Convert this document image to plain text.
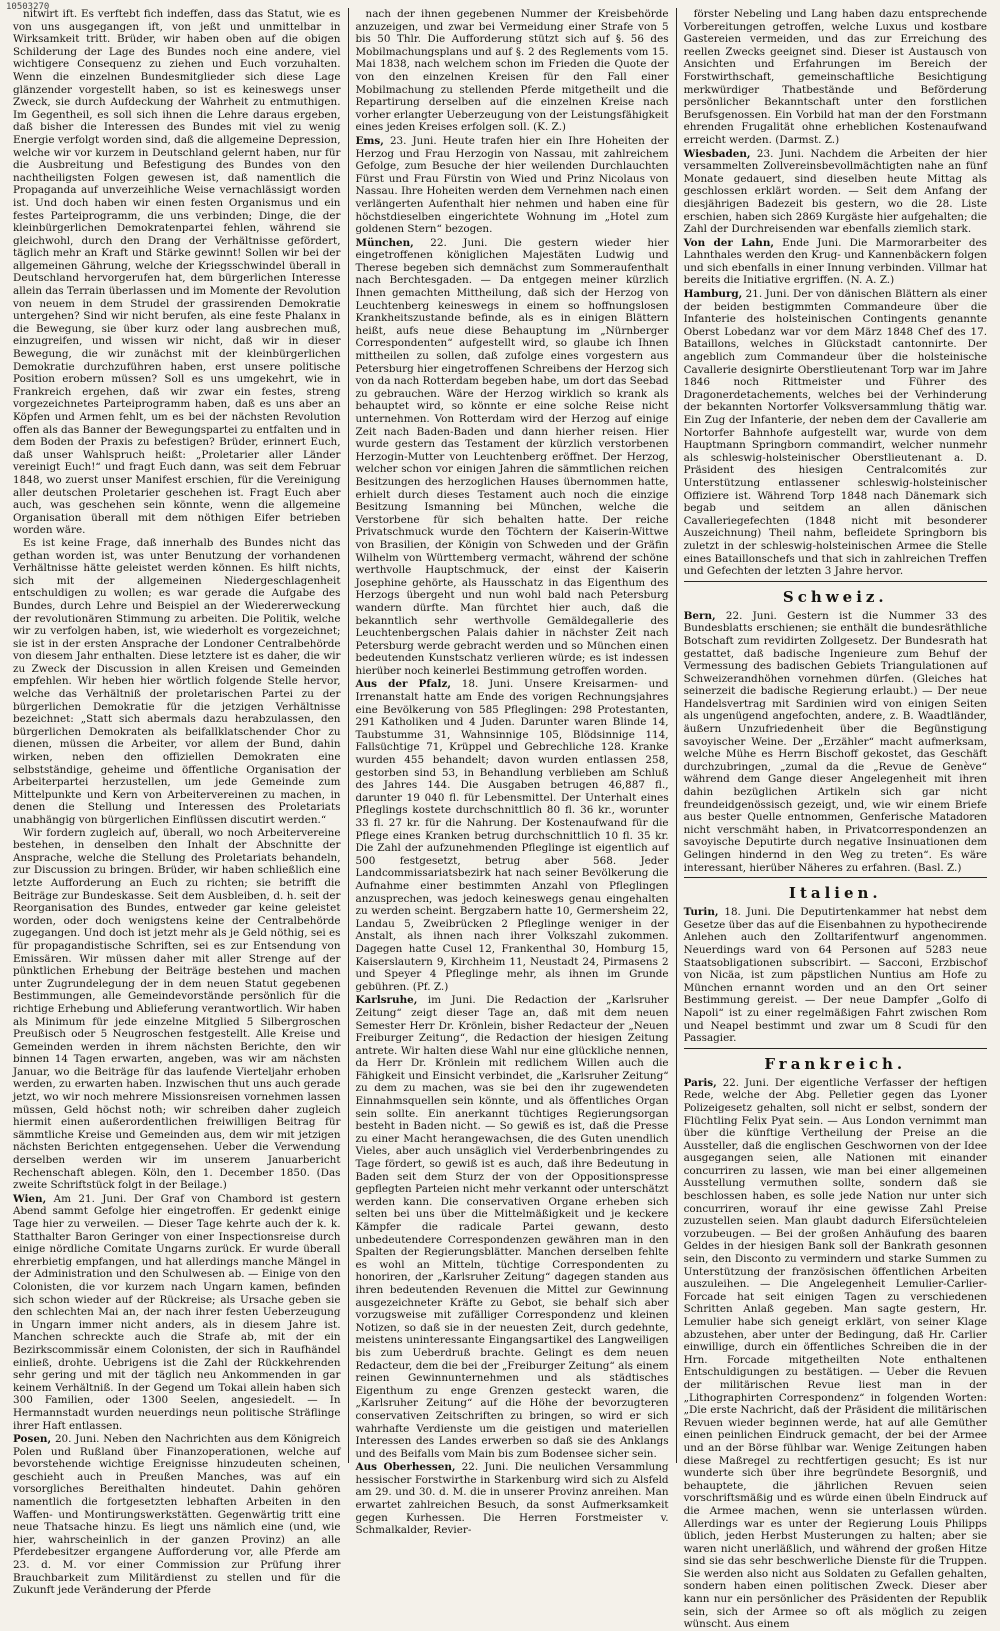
10503270

nitwirt ift. Es verftebt fich indeffen, dass das Statut, wie es von uns ausgegangen ift, von jeßt und unmittelbar in Wirksamkeit tritt. Brüder, wir haben oben auf die obigen Schilderung der Lage des Bundes noch eine andere, viel wichtigere Consequenz zu ziehen und Euch vorzuhalten. Wenn die einzelnen Bundesmitglieder sich diese Lage glänzender vorgestellt haben, so ist es keineswegs unser Zweck, sie durch Aufdeckung der Wahrheit zu entmuthigen. Im Gegentheil, es soll sich ihnen die Lehre daraus ergeben, daß bisher die Interessen des Bundes mit viel zu wenig Energie verfolgt worden sind, daß die allgemeine Depression, welche wir vor kurzem in Deutschland gelernt haben, nur für die Ausbreitung und Befestigung des Bundes von den nachtheiligsten Folgen gewesen ist, daß namentlich die Propaganda auf unverzeihliche Weise vernachlässigt worden ist. Und doch haben wir einen festen Organismus und ein festes Parteiprogramm, die uns verbinden; Dinge, die der kleinbürgerlichen Demokratenpartei fehlen, während sie gleichwohl, durch den Drang der Verhältnisse gefördert, täglich mehr an Kraft und Stärke gewinnt! Sollen wir bei der allgemeinen Gährung, welche der Kriegsschwindel überall in Deutschland hervorgerufen hat, dem bürgerlichen Interesse allein das Terrain überlassen und im Momente der Revolution von neuem in dem Strudel der grassirenden Demokratie untergehen? Sind wir nicht berufen, als eine feste Phalanx in die Bewegung, sie über kurz oder lang ausbrechen muß, einzugreifen, und wissen wir nicht, daß wir in dieser Bewegung, die wir zunächst mit der kleinbürgerlichen Demokratie durchzuführen haben, erst unsere politische Position erobern müssen? Soll es uns umgekehrt, wie in Frankreich ergehen, daß wir zwar ein festes, streng vorgezeichnetes Parteiprogramm haben, daß es uns aber an Köpfen und Armen fehlt, um es bei der nächsten Revolution offen als das Banner der Bewegungspartei zu entfalten und in dem Boden der Praxis zu befestigen? Brüder, erinnert Euch, daß unser Wahlspruch heißt: „Proletarier aller Länder vereinigt Euch!“ und fragt Euch dann, was seit dem Februar 1848, wo zuerst unser Manifest erschien, für die Vereinigung aller deutschen Proletarier geschehen ist. Fragt Euch aber auch, was geschehen sein könnte, wenn die allgemeine Organisation überall mit dem nöthigen Eifer betrieben worden wäre.

Es ist keine Frage, daß innerhalb des Bundes nicht das gethan worden ist, was unter Benutzung der vorhandenen Verhältnisse hätte geleistet werden können. Es hilft nichts, sich mit der allgemeinen Niedergeschlagenheit entschuldigen zu wollen; es war gerade die Aufgabe des Bundes, durch Lehre und Beispiel an der Wiedererweckung der revolutionären Stimmung zu arbeiten. Die Politik, welche wir zu verfolgen haben, ist, wie wiederholt es vorgezeichnet; sie ist in der ersten Ansprache der Londoner Centralbehörde von diesem Jahr enthalten. Diese letztere ist es daher, die wir zu Zweck der Discussion in allen Kreisen und Gemeinden empfehlen. Wir heben hier wörtlich folgende Stelle hervor, welche das Verhältniß der proletarischen Partei zu der bürgerlichen Demokratie für die jetzigen Verhältnisse bezeichnet: „Statt sich abermals dazu herabzulassen, den bürgerlichen Demokraten als beifallklatschender Chor zu dienen, müssen die Arbeiter, vor allem der Bund, dahin wirken, neben den offiziellen Demokraten eine selbstständige, geheime und öffentliche Organisation der Arbeiterpartei herzustellen, um jede Gemeinde zum Mittelpunkte und Kern von Arbeitervereinen zu machen, in denen die Stellung und Interessen des Proletariats unabhängig von bürgerlichen Einflüssen discutirt werden.“

Wir fordern zugleich auf, überall, wo noch Arbeitervereine bestehen, in denselben den Inhalt der Abschnitte der Ansprache, welche die Stellung des Proletariats behandeln, zur Discussion zu bringen. Brüder, wir haben schließlich eine letzte Aufforderung an Euch zu richten; sie betrifft die Beiträge zur Bundeskasse. Seit dem Ausbleiben, d. h. seit der Reorganisation des Bundes, entweder gar keine geleistet worden, oder doch wenigstens keine der Centralbehörde zugegangen. Und doch ist jetzt mehr als je Geld nöthig, sei es für propagandistische Schriften, sei es zur Entsendung von Emissären. Wir müssen daher mit aller Strenge auf der pünktlichen Erhebung der Beiträge bestehen und machen unter Zugrundelegung der in dem neuen Statut gegebenen Bestimmungen, alle Gemeindevorstände persönlich für die richtige Erhebung und Ablieferung verantwortlich. Wir haben als Minimum für jede einzelne Mitglied 5 Silbergroschen Preußisch oder 5 Neugroschen festgestellt. Alle Kreise und Gemeinden werden in ihrem nächsten Berichte, den wir binnen 14 Tagen erwarten, angeben, was wir am nächsten Januar, wo die Beiträge für das laufende Vierteljahr erhoben werden, zu erwarten haben. Inzwischen thut uns auch gerade jetzt, wo wir noch mehrere Missionsreisen vornehmen lassen müssen, Geld höchst noth; wir schreiben daher zugleich hiermit einen außerordentlichen freiwilligen Beitrag für sämmtliche Kreise und Gemeinden aus, dem wir mit jetzigen nächsten Berichten entgegensehen. Ueber die Verwendung derselben werden wir im unserem Januarbericht Rechenschaft ablegen. Köln, den 1. December 1850. (Das zweite Schriftstück folgt in der Beilage.)

Wien, Am 21. Juni. Der Graf von Chambord ist gestern Abend sammt Gefolge hier eingetroffen. Er gedenkt einige Tage hier zu verweilen. — Dieser Tage kehrte auch der k. k. Statthalter Baron Geringer von einer Inspectionsreise durch einige nördliche Comitate Ungarns zurück. Er wurde überall ehrerbietig empfangen, und hat allerdings manche Mängel in der Administration und den Schulwesen ab. — Einige von den Colonisten, die vor kurzem nach Ungarn kamen, befinden sich schon wieder auf der Rückreise; als Ursache geben sie den schlechten Mai an, der nach ihrer festen Ueberzeugung in Ungarn immer nicht anders, als in diesem Jahre ist. Manchen schreckte auch die Strafe ab, mit der ein Bezirkscommissär einem Colonisten, der sich in Raufhändel einließ, drohte. Uebrigens ist die Zahl der Rückkehrenden sehr gering und mit der täglich neu Ankommenden in gar keinem Verhältniß. In der Gegend um Tokai allein haben sich 300 Familien, oder 1300 Seelen, angesiedelt. — In Hermannstadt wurden neuerdings neun politische Sträflinge ihrer Haft entlassen.

Posen, 20. Juni. Neben den Nachrichten aus dem Königreich Polen und Rußland über Finanzoperationen, welche auf bevorstehende wichtige Ereignisse hinzudeuten scheinen, geschieht auch in Preußen Manches, was auf ein vorsorgliches Bereithalten hindeutet. Dahin gehören namentlich die fortgesetzten lebhaften Arbeiten in den Waffen- und Montirungswerkstätten. Gegenwärtig tritt eine neue Thatsache hinzu. Es liegt uns nämlich eine (und, wie hier, wahrscheinlich in der ganzen Provinz) an alle Pferdebesitzer ergangene Aufforderung vor, alle Pferde am 23. d. M. vor einer Commission zur Prüfung ihrer Brauchbarkeit zum Militärdienst zu stellen und für die Zukunft jede Veränderung der Pferde

nach der ihnen gegebenen Nummer der Kreisbehörde anzuzeigen, und zwar bei Vermeidung einer Strafe von 5 bis 50 Thlr. Die Aufforderung stützt sich auf §. 56 des Mobilmachungsplans und auf §. 2 des Reglements vom 15. Mai 1838, nach welchem schon im Frieden die Quote der von den einzelnen Kreisen für den Fall einer Mobilmachung zu stellenden Pferde mitgetheilt und die Repartirung derselben auf die einzelnen Kreise nach vorher erlangter Ueberzeugung von der Leistungsfähigkeit eines jeden Kreises erfolgen soll. (K. Z.)

Ems, 23. Juni. Heute trafen hier ein Ihre Hoheiten der Herzog und Frau Herzogin von Nassau, mit zahlreichem Gefolge, zum Besuche der hier weilenden Durchlauchten Fürst und Frau Fürstin von Wied und Prinz Nicolaus von Nassau. Ihre Hoheiten werden dem Vernehmen nach einen verlängerten Aufenthalt hier nehmen und haben eine für höchstdieselben eingerichtete Wohnung im „Hotel zum goldenen Stern“ bezogen.

München, 22. Juni. Die gestern wieder hier eingetroffenen königlichen Majestäten Ludwig und Therese begeben sich demnächst zum Sommeraufenthalt nach Berchtesgaden. — Da entgegen meiner kürzlich Ihnen gemachten Mittheilung, daß sich der Herzog von Leuchtenberg keineswegs in einem so hoffnungslosen Krankheitszustande befinde, als es in einigen Blättern heißt, aufs neue diese Behauptung im „Nürnberger Correspondenten“ aufgestellt wird, so glaube ich Ihnen mittheilen zu sollen, daß zufolge eines vorgestern aus Petersburg hier eingetroffenen Schreibens der Herzog sich von da nach Rotterdam begeben habe, um dort das Seebad zu gebrauchen. Wäre der Herzog wirklich so krank als behauptet wird, so könnte er eine solche Reise nicht unternehmen. Von Rotterdam wird der Herzog auf einige Zeit nach Baden-Baden und dann hierher reisen. Hier wurde gestern das Testament der kürzlich verstorbenen Herzogin-Mutter von Leuchtenberg eröffnet. Der Herzog, welcher schon vor einigen Jahren die sämmtlichen reichen Besitzungen des herzoglichen Hauses übernommen hatte, erhielt durch dieses Testament auch noch die einzige Besitzung Ismanning bei München, welche die Verstorbene für sich behalten hatte. Der reiche Privatschmuck wurde den Töchtern der Kaiserin-Wittwe von Brasilien, der Königin von Schweden und der Gräfin Wilhelm von Württemberg vermacht, während der schöne werthvolle Hauptschmuck, der einst der Kaiserin Josephine gehörte, als Hausschatz in das Eigenthum des Herzogs übergeht und nun wohl bald nach Petersburg wandern dürfte. Man fürchtet hier auch, daß die bekanntlich sehr werthvolle Gemäldegallerie des Leuchtenbergschen Palais dahier in nächster Zeit nach Petersburg werde gebracht werden und so München einen bedeutenden Kunstschatz verlieren würde; es ist indessen hierüber noch keinerlei Bestimmung getroffen worden.

Aus der Pfalz, 18. Juni. Unsere Kreisarmen- und Irrenanstalt hatte am Ende des vorigen Rechnungsjahres eine Bevölkerung von 585 Pfleglingen: 298 Protestanten, 291 Katholiken und 4 Juden. Darunter waren Blinde 14, Taubstumme 31, Wahnsinnige 105, Blödsinnige 114, Fallsüchtige 71, Krüppel und Gebrechliche 128. Kranke wurden 455 behandelt; davon wurden entlassen 258, gestorben sind 53, in Behandlung verblieben am Schluß des Jahres 144. Die Ausgaben betrugen 46,887 fl., darunter 19 040 fl. für Lebensmittel. Der Unterhalt eines Pfleglings kostete durchschnittlich 80 fl. 36 kr., worunter 33 fl. 27 kr. für die Nahrung. Der Kostenaufwand für die Pflege eines Kranken betrug durchschnittlich 10 fl. 35 kr. Die Zahl der aufzunehmenden Pfleglinge ist eigentlich auf 500 festgesetzt, betrug aber 568. Jeder Landcommissariatsbezirk hat nach seiner Bevölkerung die Aufnahme einer bestimmten Anzahl von Pfleglingen anzusprechen, was jedoch keineswegs genau eingehalten zu werden scheint. Bergzabern hatte 10, Germersheim 22, Landau 5, Zweibrücken 2 Pfleglinge weniger in der Anstalt, als ihnen nach ihrer Volkszahl zukommen. Dagegen hatte Cusel 12, Frankenthal 30, Homburg 15, Kaiserslautern 9, Kirchheim 11, Neustadt 24, Pirmasens 2 und Speyer 4 Pfleglinge mehr, als ihnen im Grunde gebühren. (Pf. Z.)

Karlsruhe, im Juni. Die Redaction der „Karlsruher Zeitung“ zeigt dieser Tage an, daß mit dem neuen Semester Herr Dr. Krönlein, bisher Redacteur der „Neuen Freiburger Zeitung“, die Redaction der hiesigen Zeitung antrete. Wir halten diese Wahl nur eine glückliche nennen, da Herr Dr. Krönlein mit redlichem Willen auch die Fähigkeit und Einsicht verbindet, die „Karlsruher Zeitung“ zu dem zu machen, was sie bei den ihr zugewendeten Einnahmsquellen sein könnte, und als öffentliches Organ sein sollte. Ein anerkannt tüchtiges Regierungsorgan besteht in Baden nicht. — So gewiß es ist, daß die Presse zu einer Macht herangewachsen, die des Guten unendlich Vieles, aber auch unsäglich viel Verderbenbringendes zu Tage fördert, so gewiß ist es auch, daß ihre Bedeutung in Baden seit dem Sturz der von der Oppositionspresse gepflegten Parteien nicht mehr verkannt oder unterschätzt werden kann. Die conservativen Organe erheben sich selten bei uns über die Mittelmäßigkeit und je keckere Kämpfer die radicale Partei gewann, desto unbedeutendere Correspondenzen gewähren man in den Spalten der Regierungsblätter. Manchen derselben fehlte es wohl an Mitteln, tüchtige Correspondenten zu honoriren, der „Karlsruher Zeitung“ dagegen standen aus ihren bedeutenden Revenuen die Mittel zur Gewinnung ausgezeichneter Kräfte zu Gebot, sie behalf sich aber vorzugsweise mit zufälliger Correspondenz und kleinen Notizen, so daß sie in der neuesten Zeit, durch gedehnte, meistens uninteressante Eingangsartikel des Langweiligen bis zum Ueberdruß brachte. Gelingt es dem neuen Redacteur, dem die bei der „Freiburger Zeitung“ als einem reinen Gewinnunternehmen und als städtisches Eigenthum zu enge Grenzen gesteckt waren, die „Karlsruher Zeitung“ auf die Höhe der bevorzugteren conservativen Zeitschriften zu bringen, so wird er sich wahrhafte Verdienste um die geistigen und materiellen Interessen des Landes erwerben so daß sie des Anklangs und des Beifalls vom Main bis zum Bodensee sicher sein.

Aus Oberhessen, 22. Juni. Die neulichen Versammlung hessischer Forstwirthe in Starkenburg wird sich zu Alsfeld am 29. und 30. d. M. die in unserer Provinz anreihen. Man erwartet zahlreichen Besuch, da sonst Aufmerksamkeit gegen Kurhessen. Die Herren Forstmeister v. Schmalkalder, Revier-

förster Nebeling und Lang haben dazu entsprechende Vorbereitungen getroffen, welche Luxus und kostbare Gastereien vermeiden, und das zur Erreichung des reellen Zwecks geeignet sind. Dieser ist Austausch von Ansichten und Erfahrungen im Bereich der Forstwirthschaft, gemeinschaftliche Besichtigung merkwürdiger Thatbestände und Beförderung persönlicher Bekanntschaft unter den forstlichen Berufsgenossen. Ein Vorbild hat man der den Forstmann ehrenden Frugalität ohne erheblichen Kostenaufwand erreicht werden. (Darmst. Z.)

Wiesbaden, 23. Juni. Nachdem die Arbeiten der hier versammelten Zollvereinsbevollmächtigten nahe an fünf Monate gedauert, sind dieselben heute Mittag als geschlossen erklärt worden. — Seit dem Anfang der diesjährigen Badezeit bis gestern, wo die 28. Liste erschien, haben sich 2869 Kurgäste hier aufgehalten; die Zahl der Durchreisenden war ebenfalls ziemlich stark.

Von der Lahn, Ende Juni. Die Marmorarbeiter des Lahnthales werden den Krug- und Kannenbäckern folgen und sich ebenfalls in einer Innung verbinden. Villmar hat bereits die Initiative ergriffen. (N. A. Z.)

Hamburg, 21. Juni. Der von dänischen Blättern als einer der beiden bestigmmten Commandeure über die Infanterie des holsteinischen Contingents genannte Oberst Lobedanz war vor dem März 1848 Chef des 17. Bataillons, welches in Glückstadt cantonnirte. Der angeblich zum Commandeur über die holsteinische Cavallerie designirte Oberstlieutenant Torp war im Jahre 1846 noch Rittmeister und Führer des Dragonerdetachements, welches bei der Verhinderung der bekannten Nortorfer Volksversammlung thätig war. Ein Zug der Infanterie, der neben dem der Cavallerie am Nortorfer Bahnhofe aufgestellt war, wurde von dem Hauptmann Springborn commandirt, welcher nunmehr als schleswig-holsteinischer Oberstlieutenant a. D. Präsident des hiesigen Centralcomités zur Unterstützung entlassener schleswig-holsteinischer Offiziere ist. Während Torp 1848 nach Dänemark sich begab und seitdem an allen dänischen Cavalleriegefechten (1848 nicht mit besonderer Auszeichnung) Theil nahm, befleidete Springborn bis zuletzt in der schleswig-holsteinischen Armee die Stelle eines Bataillonschefs und that sich in zahlreichen Treffen und Gefechten der letzten 3 Jahre hervor.

Schweiz.

Bern, 22. Juni. Gestern ist die Nummer 33 des Bundesblatts erschienen; sie enthält die bundesräthliche Botschaft zum revidirten Zollgesetz. Der Bundesrath hat gestattet, daß badische Ingenieure zum Behuf der Vermessung des badischen Gebiets Triangulationen auf Schweizerandhöhen vornehmen dürfen. (Gleiches hat seinerzeit die badische Regierung erlaubt.) — Der neue Handelsvertrag mit Sardinien wird von einigen Seiten als ungenügend angefochten, andere, z. B. Waadtländer, äußern Unzufriedenheit über die Begünstigung savoyischer Weine. Der „Erzähler“ macht aufmerksam, welche Mühe es Herrn Bischoff gekostet, das Geschäft durchzubringen, „zumal da die „Revue de Genève“ während dem Gange dieser Angelegenheit mit ihren dahin bezüglichen Artikeln sich gar nicht freundeidgenössisch gezeigt, und, wie wir einem Briefe aus bester Quelle entnommen, Genferische Matadoren nicht verschmäht haben, in Privatcorrespondenzen an savoyische Deputirte durch negative Insinuationen dem Gelingen hindernd in den Weg zu treten“. Es wäre interessant, hierüber Näheres zu erfahren. (Basl. Z.)

Italien.

Turin, 18. Juni. Die Deputirtenkammer hat nebst dem Gesetze über das auf die Eisenbahnen zu hypothecirende Anlehen auch den Zolltarifentwurf angenommen. Neuerdings ward von 64 Personen auf 5283 neue Staatsobligationen subscribirt. — Sacconi, Erzbischof von Nicäa, ist zum päpstlichen Nuntius am Hofe zu München ernannt worden und an den Ort seiner Bestimmung gereist. — Der neue Dampfer „Golfo di Napoli“ ist zu einer regelmäßigen Fahrt zwischen Rom und Neapel bestimmt und zwar um 8 Scudi für den Passagier.

Frankreich.

Paris, 22. Juni. Der eigentliche Verfasser der heftigen Rede, welche der Abg. Pelletier gegen das Lyoner Polizeigesetz gehalten, soll nicht er selbst, sondern der Flüchtling Felix Pyat sein. — Aus London vernimmt man über die künftige Vertheilung der Preise an die Aussteller, daß die englischen Geschwornen von der Idee ausgegangen seien, alle Nationen mit einander concurriren zu lassen, wie man bei einer allgemeinen Ausstellung vermuthen sollte, sondern daß sie beschlossen haben, es solle jede Nation nur unter sich concurriren, worauf ihr eine gewisse Zahl Preise zuzustellen seien. Man glaubt dadurch Eifersüchteleien vorzubeugen. — Bei der großen Anhäufung des baaren Geldes in der hiesigen Bank soll der Bankrath gesonnen sein, den Disconto zu vermindern und starke Summen zu Unterstützung der französischen öffentlichen Arbeiten auszuleihen. — Die Angelegenheit Lemulier-Carlier-Forcade hat seit einigen Tagen zu verschiedenen Schritten Anlaß gegeben. Man sagte gestern, Hr. Lemulier habe sich geneigt erklärt, von seiner Klage abzustehen, aber unter der Bedingung, daß Hr. Carlier einwillige, durch ein öffentliches Schreiben die in der Hrn. Forcade mitgetheilten Note enthaltenen Entschuldigungen zu bestätigen. — Ueber die Revuen der militärischen Revue liest man in der „Lithographirten Correspondenz“ in folgenden Worten: „Die erste Nachricht, daß der Präsident die militärischen Revuen wieder beginnen werde, hat auf alle Gemüther einen peinlichen Eindruck gemacht, der bei der Armee und an der Börse fühlbar war. Wenige Zeitungen haben diese Maßregel zu rechtfertigen gesucht; Es ist nur wunderte sich über ihre begründete Besorgniß, und behauptete, die jährlichen Revuen seien vorschriftsmäßig und es würde einen übeln Eindruck auf die Armee machen, wenn sie unterlassen würden. Allerdings war es unter der Regierung Louis Philipps üblich, jeden Herbst Musterungen zu halten; aber sie waren nicht unerläßlich, und während der großen Hitze sind sie das sehr beschwerliche Dienste für die Truppen. Sie werden also nicht aus Soldaten zu Gefallen gehalten, sondern haben einen politischen Zweck. Dieser aber kann nur ein persönlicher des Präsidenten der Republik sein, sich der Armee so oft als möglich zu zeigen wünscht. Aus einem
